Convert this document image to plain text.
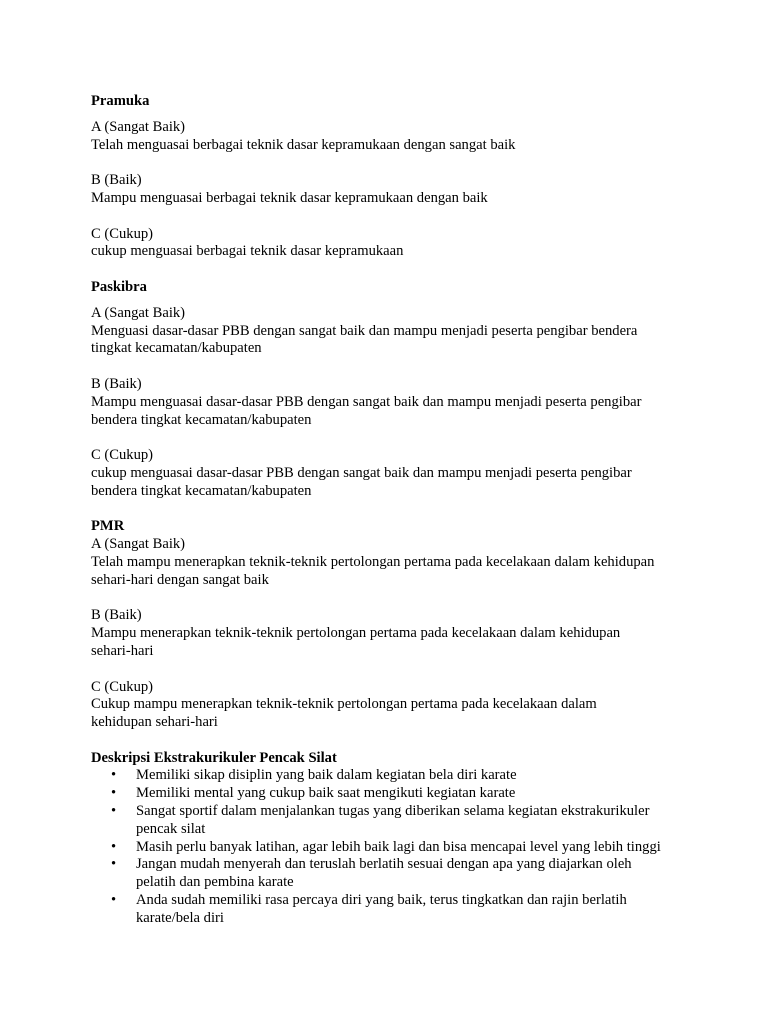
Pramuka

A (Sangat Baik)

Telah menguasai berbagai teknik dasar kepramukaan dengan sangat baik

B (Baik)

Mampu menguasai berbagai teknik dasar kepramukaan dengan baik

C (Cukup)

cukup menguasai berbagai teknik dasar kepramukaan

Paskibra

A (Sangat Baik)

Menguasi dasar-dasar PBB dengan sangat baik dan mampu menjadi peserta pengibar bendera

tingkat kecamatan/kabupaten

B (Baik)

Mampu menguasai dasar-dasar PBB dengan sangat baik dan mampu menjadi peserta pengibar

bendera tingkat kecamatan/kabupaten

C (Cukup)

cukup menguasai dasar-dasar PBB dengan sangat baik dan mampu menjadi peserta pengibar

bendera tingkat kecamatan/kabupaten

PMR

A (Sangat Baik)

Telah mampu menerapkan teknik-teknik pertolongan pertama pada kecelakaan dalam kehidupan

sehari-hari dengan sangat baik

B (Baik)

Mampu menerapkan teknik-teknik pertolongan pertama pada kecelakaan dalam kehidupan

sehari-hari

C (Cukup)

Cukup mampu menerapkan teknik-teknik pertolongan pertama pada kecelakaan dalam

kehidupan sehari-hari

Deskripsi Ekstrakurikuler Pencak Silat

• Memiliki sikap disiplin yang baik dalam kegiatan bela diri karate
• Memiliki mental yang cukup baik saat mengikuti kegiatan karate
• Sangat sportif dalam menjalankan tugas yang diberikan selama kegiatan ekstrakurikuler
pencak silat
• Masih perlu banyak latihan, agar lebih baik lagi dan bisa mencapai level yang lebih tinggi
• Jangan mudah menyerah dan teruslah berlatih sesuai dengan apa yang diajarkan oleh
pelatih dan pembina karate
• Anda sudah memiliki rasa percaya diri yang baik, terus tingkatkan dan rajin berlatih
karate/bela diri
